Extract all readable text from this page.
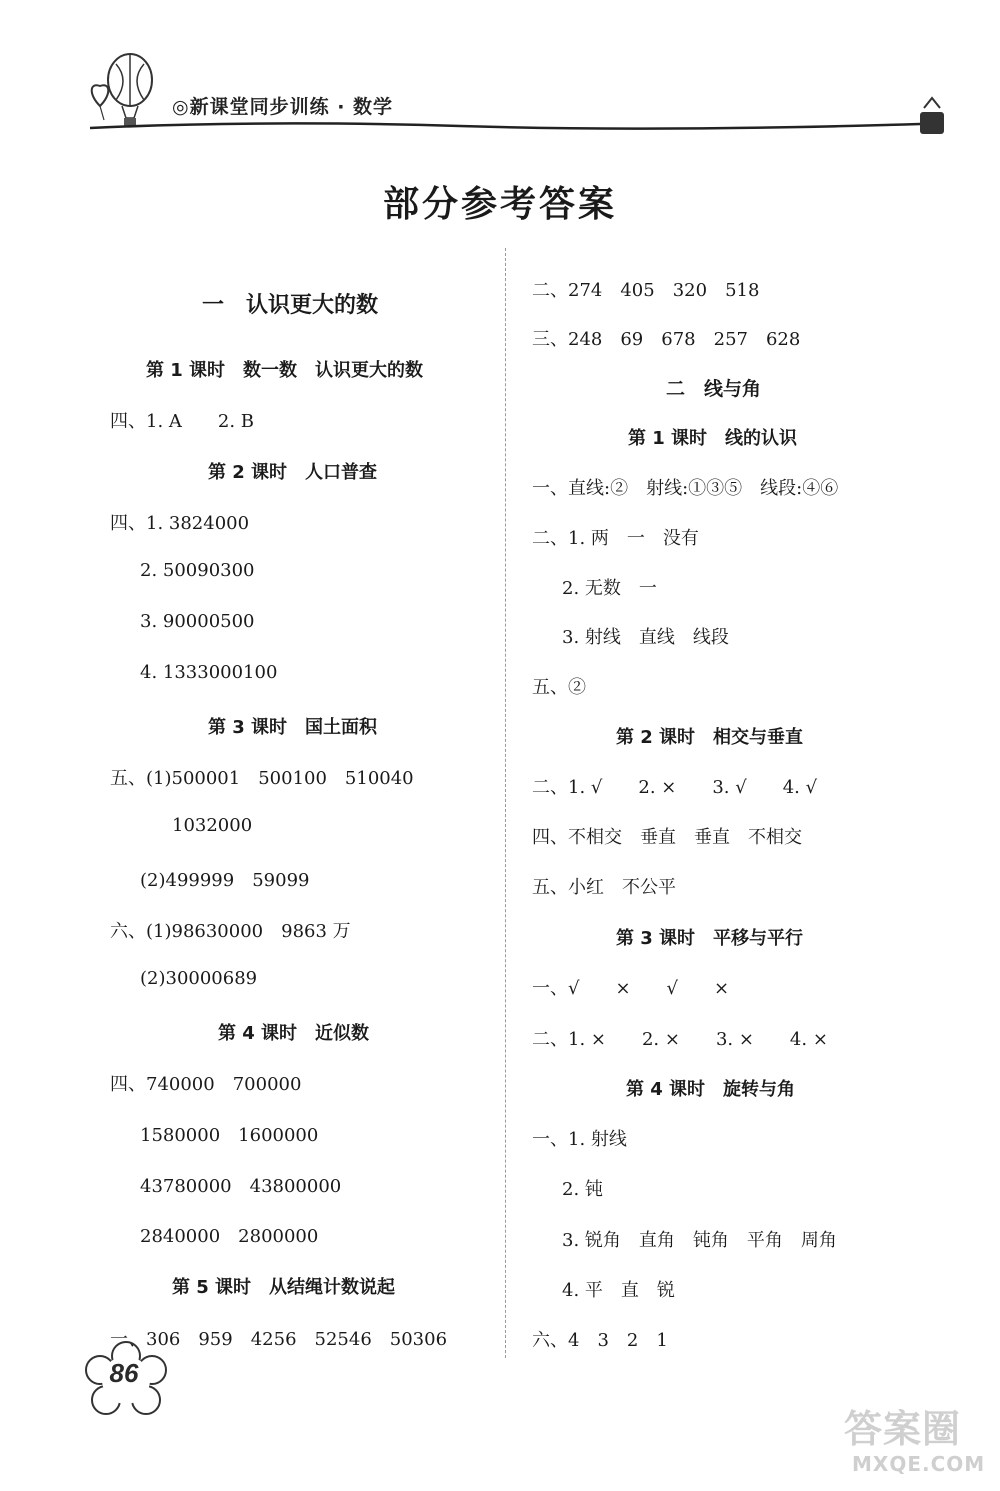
◎新课堂同步训练 · 数学
部分参考答案
一　认识更大的数
第 1 课时　数一数　认识更大的数
四、1. A　　2. B
第 2 课时　人口普查
四、1. 3824000
2. 50090300
3. 90000500
4. 1333000100
第 3 课时　国土面积
五、(1)500001　500100　510040
1032000
(2)499999　59099
六、(1)98630000　9863 万
(2)30000689
第 4 课时　近似数
四、740000　700000
1580000　1600000
43780000　43800000
2840000　2800000
第 5 课时　从结绳计数说起
一、306　959　4256　52546　50306
二、274　405　320　518
三、248　69　678　257　628
二　线与角
第 1 课时　线的认识
一、直线:②　射线:①③⑤　线段:④⑥
二、1. 两　一　没有
2. 无数　一
3. 射线　直线　线段
五、②
第 2 课时　相交与垂直
二、1. √　　2. ×　　3. √　　4. √
四、不相交　垂直　垂直　不相交
五、小红　不公平
第 3 课时　平移与平行
一、√　　×　　√　　×
二、1. ×　　2. ×　　3. ×　　4. ×
第 4 课时　旋转与角
一、1. 射线
2. 钝
3. 锐角　直角　钝角　平角　周角
4. 平　直　锐
六、4　3　2　1
86
答案圈
MXQE.COM
